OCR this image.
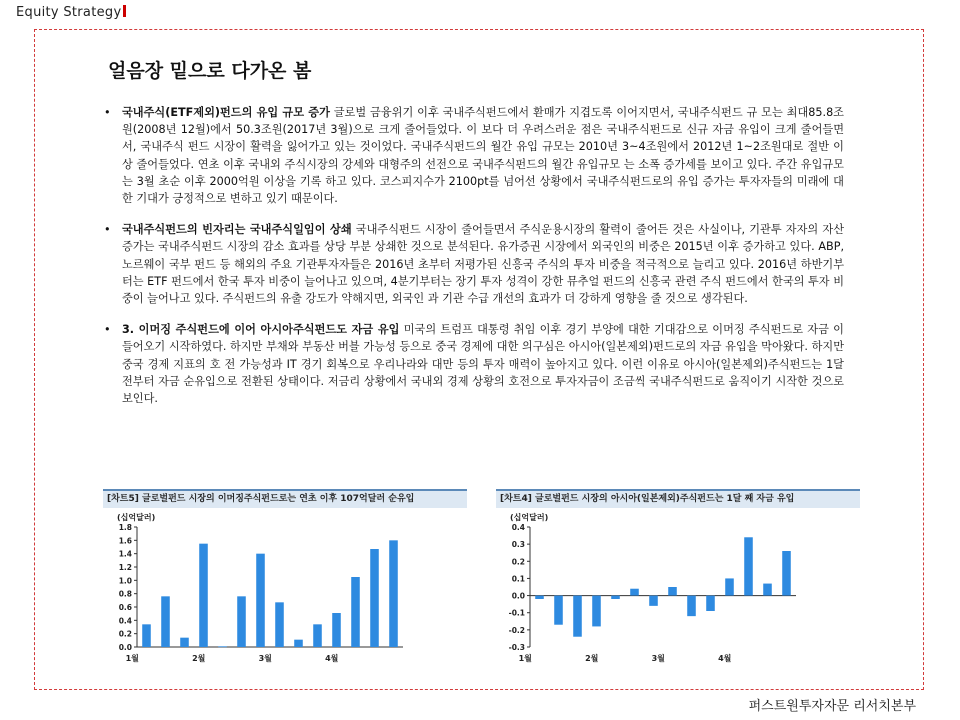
Equity Strategy
얼음장 밑으로 다가온 봄
• 국내주식(ETF제외)펀드의 유입 규모 증가 글로벌 금융위기 이후 국내주식펀드에서 환매가 지겹도록 이어지면서, 국내주식펀드 규 모는 최대85.8조원(2008년 12월)에서 50.3조원(2017년 3월)으로 크게 줄어들었다. 이 보다 더 우려스러운 점은 국내주식펀드로 신규 자금 유입이 크게 줄어들면서, 국내주식 펀드 시장이 활력을 잃어가고 있는 것이었다. 국내주식펀드의 월간 유입 규모는 2010년 3~4조원에서 2012년 1~2조원대로 절반 이상 줄어들었다. 연초 이후 국내외 주식시장의 강세와 대형주의 선전으로 국내주식펀드의 월간 유입규모 는 소폭 증가세를 보이고 있다. 주간 유입규모는 3월 초순 이후 2000억원 이상을 기록 하고 있다. 코스피지수가 2100pt를 넘어선 상황에서 국내주식펀드로의 유입 증가는 투자자들의 미래에 대한 기대가 긍정적으로 변하고 있기 때문이다.
• 국내주식펀드의 빈자리는 국내주식일임이 상쇄 국내주식펀드 시장이 줄어들면서 주식운용시장의 활력이 줄어든 것은 사실이나, 기관투 자자의 자산 증가는 국내주식펀드 시장의 감소 효과를 상당 부분 상쇄한 것으로 분석된다. 유가증권 시장에서 외국인의 비중은 2015년 이후 증가하고 있다. ABP, 노르웨이 국부 펀드 등 해외의 주요 기관투자자들은 2016년 초부터 저평가된 신흥국 주식의 투자 비중을 적극적으로 늘리고 있다. 2016년 하반기부터는 ETF 펀드에서 한국 투자 비중이 늘어나고 있으며, 4분기부터는 장기 투자 성격이 강한 뮤추얼 펀드의 신흥국 관련 주식 펀드에서 한국의 투자 비중이 늘어나고 있다. 주식펀드의 유출 강도가 약해지면, 외국인 과 기관 수급 개선의 효과가 더 강하게 영향을 줄 것으로 생각된다.
• 3. 이머징 주식펀드에 이어 아시아주식펀드도 자금 유입 미국의 트럼프 대통령 취임 이후 경기 부양에 대한 기대감으로 이머징 주식펀드로 자금 이 들어오기 시작하였다. 하지만 부채와 부동산 버블 가능성 등으로 중국 경제에 대한 의구심은 아시아(일본제외)펀드로의 자금 유입을 막아왔다. 하지만 중국 경제 지표의 호 전 가능성과 IT 경기 회복으로 우리나라와 대만 등의 투자 매력이 높아지고 있다. 이런 이유로 아시아(일본제외)주식펀드는 1달 전부터 자금 순유입으로 전환된 상태이다. 저금리 상황에서 국내외 경제 상황의 호전으로 투자자금이 조금씩 국내주식펀드로 움직이기 시작한 것으로 보인다.
[차트5] 글로벌펀드 시장의 이머징주식펀드로는 연초 이후 107억달러 순유입
(십억달러)
1.8
1.6
1.4
1.2
1.0
0.8
0.6
0.4
0.2
0.0
1월	2월	3월	4월
[차트4] 글로벌펀드 시장의 아시아(일본제외)주식펀드는 1달 째 자금 유입
(십억달러)
0.4
0.3
0.2
0.1
0.0
-0.1
-0.2
-0.3
1월	2월	3월	4월
퍼스트원투자자문 리서치본부
